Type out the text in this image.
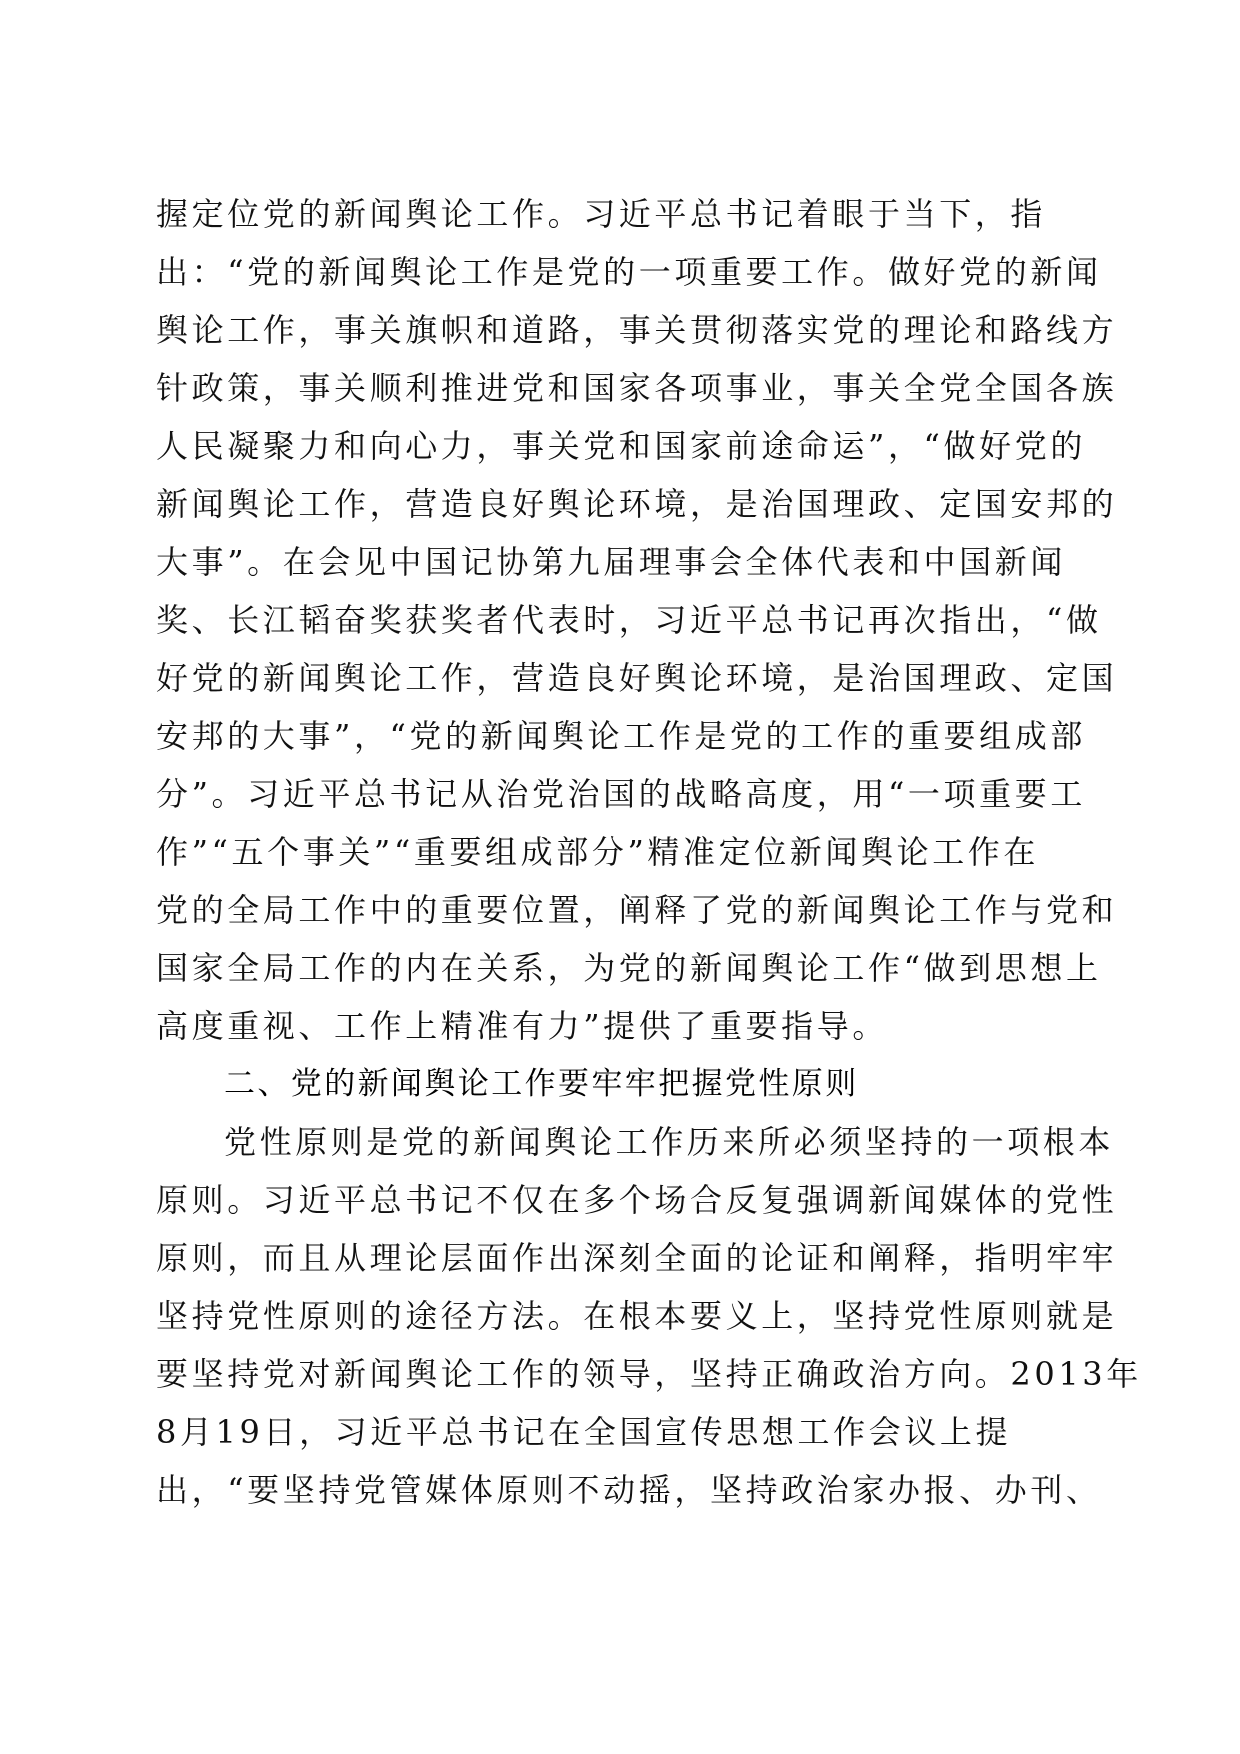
握定位党的新闻舆论工作。习近平总书记着眼于当下，指
出：“党的新闻舆论工作是党的一项重要工作。做好党的新闻
舆论工作，事关旗帜和道路，事关贯彻落实党的理论和路线方
针政策，事关顺利推进党和国家各项事业，事关全党全国各族
人民凝聚力和向心力，事关党和国家前途命运”，“做好党的
新闻舆论工作，营造良好舆论环境，是治国理政、定国安邦的
大事”。在会见中国记协第九届理事会全体代表和中国新闻
奖、长江韬奋奖获奖者代表时，习近平总书记再次指出，“做
好党的新闻舆论工作，营造良好舆论环境，是治国理政、定国
安邦的大事”，“党的新闻舆论工作是党的工作的重要组成部
分”。习近平总书记从治党治国的战略高度，用“一项重要工
作”“五个事关”“重要组成部分”精准定位新闻舆论工作在
党的全局工作中的重要位置，阐释了党的新闻舆论工作与党和
国家全局工作的内在关系，为党的新闻舆论工作“做到思想上
高度重视、工作上精准有力”提供了重要指导。
二、党的新闻舆论工作要牢牢把握党性原则
党性原则是党的新闻舆论工作历来所必须坚持的一项根本
原则。习近平总书记不仅在多个场合反复强调新闻媒体的党性
原则，而且从理论层面作出深刻全面的论证和阐释，指明牢牢
坚持党性原则的途径方法。在根本要义上，坚持党性原则就是
要坚持党对新闻舆论工作的领导，坚持正确政治方向。2013年
8月19日，习近平总书记在全国宣传思想工作会议上提
出，“要坚持党管媒体原则不动摇，坚持政治家办报、办刊、
